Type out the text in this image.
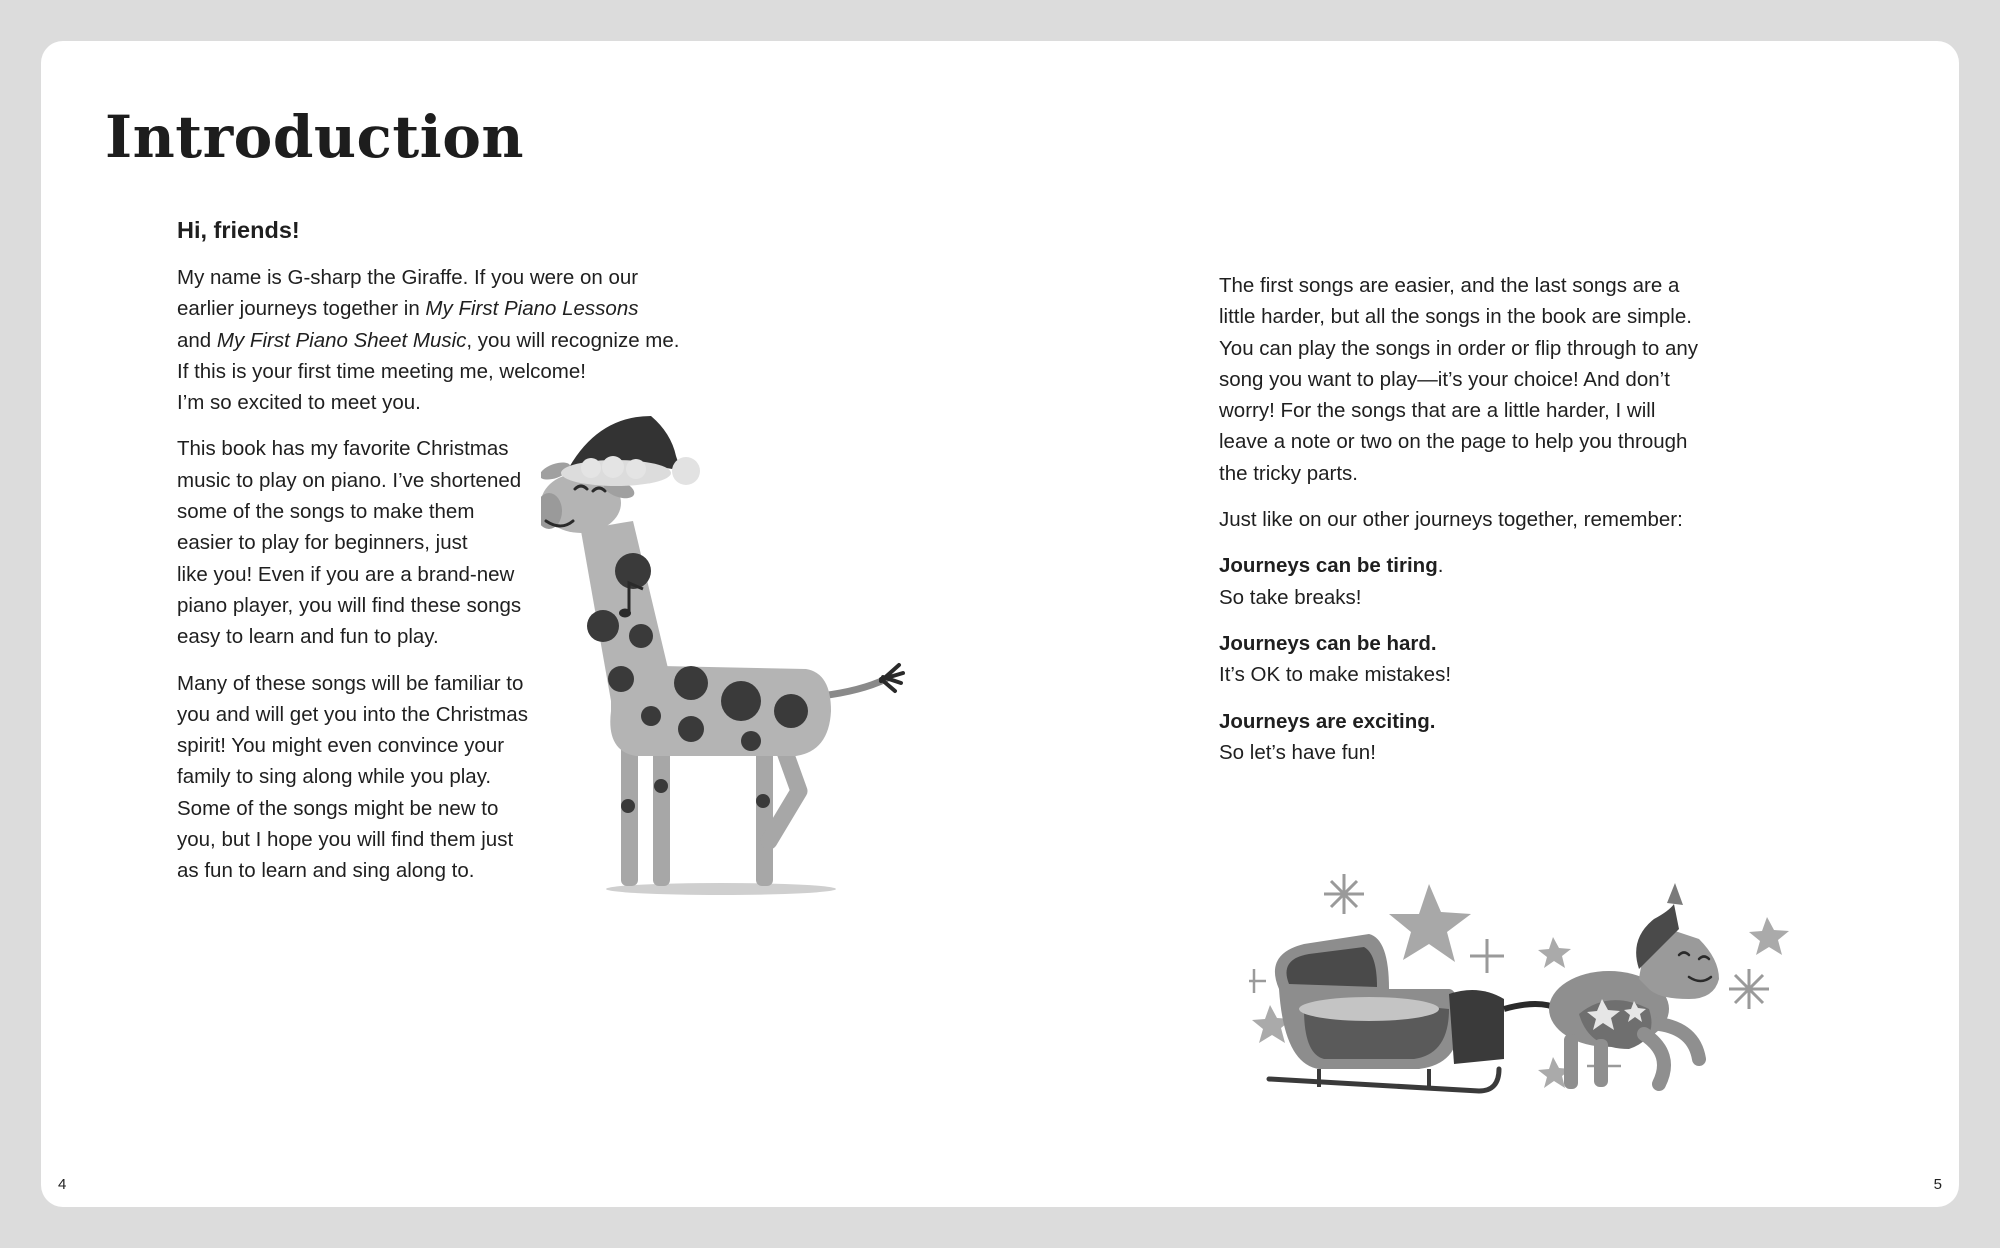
Introduction

Hi, friends!

My name is G-sharp the Giraffe. If you were on our
earlier journeys together in My First Piano Lessons
and My First Piano Sheet Music, you will recognize me.
If this is your first time meeting me, welcome!
I’m so excited to meet you.

This book has my favorite Christmas
music to play on piano. I’ve shortened
some of the songs to make them
easier to play for beginners, just
like you! Even if you are a brand-new
piano player, you will find these songs
easy to learn and fun to play.

Many of these songs will be familiar to
you and will get you into the Christmas
spirit! You might even convince your
family to sing along while you play.
Some of the songs might be new to
you, but I hope you will find them just
as fun to learn and sing along to.

The first songs are easier, and the last songs are a
little harder, but all the songs in the book are simple.
You can play the songs in order or flip through to any
song you want to play—it’s your choice! And don’t
worry! For the songs that are a little harder, I will
leave a note or two on the page to help you through
the tricky parts.

Just like on our other journeys together, remember:

Journeys can be tiring.
So take breaks!

Journeys can be hard.
It’s OK to make mistakes!

Journeys are exciting.
So let’s have fun!

4	5
